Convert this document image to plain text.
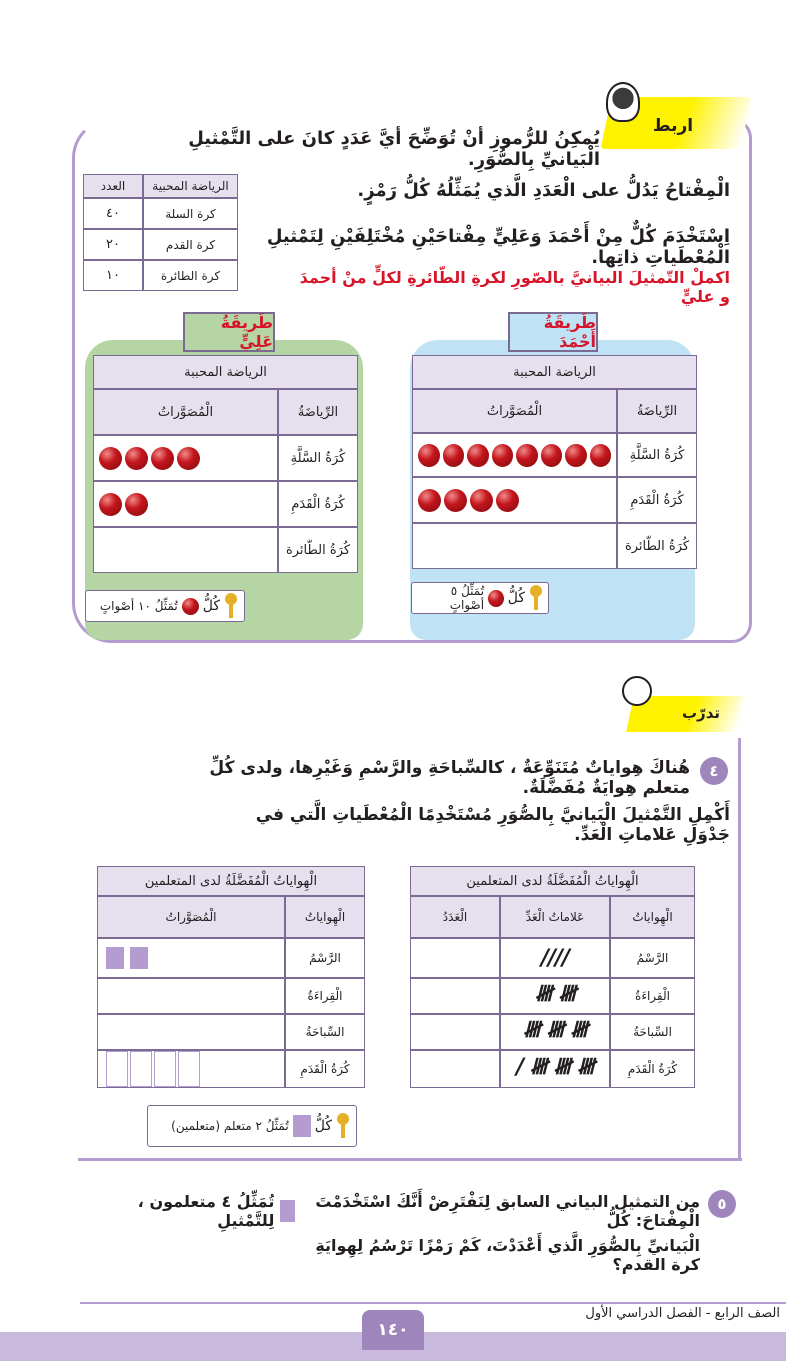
اربط
يُمكِنُ للرُّموزِ أنْ تُوَضِّحَ أيَّ عَدَدٍ كانَ على التَّمْثيلِ الْبَيانيِّ بِالصُّوَرِ.
الْمِفْتاحُ يَدُلُّ على الْعَدَدِ الَّذي يُمَثِّلُهُ كُلُّ رَمْزٍ.
اِسْتَخْدَمَ كُلٌّ مِنْ أَحْمَدَ وَعَلِيٍّ مِفْتاحَيْنِ مُخْتَلِفَيْنِ لِتَمْثيلِ الْمُعْطَياتِ ذاتِها.
اكملْ التّمثيلَ البيانيَّ بالصّورِ لكرةِ الطّائرةِ لكلٍّ منْ أحمدَ و عليٍّ
الرياضة المحبية
العدد
كرة السلة
٤٠
كرة القدم
٢٠
كرة الطائرة
١٠
طَريقَةُ أَحْمَدَ
الرياضة المحببة
الرِّياضَةُ
الْمُصَوَّراتُ
كُرَةُ السَّلَّةِ
كُرَةُ الْقَدَمِ
كُرَةُ الطّائرة
كُلُّ
تُمَثِّلُ ٥ أصْواتٍ
طَريقَةُ عَلِيٍّ
الرياضة المحببة
الرِّياضَةُ
الْمُصَوَّراتُ
كُرَةُ السَّلَّةِ
كُرَةُ الْقَدَمِ
كُرَةُ الطّائرة
كُلُّ
تُمَثِّلُ ١٠ أصْواتٍ
تدرّب
٤
هُناكَ هِواياتٌ مُتَنَوِّعَةٌ ، كالسِّباحَةِ والرَّسْمِ وَغَيْرِها، ولدى كُلِّ متعلم هِوايَةٌ مُفَضَّلَةٌ.
أَكْمِلِ التَّمْثيلَ الْبَيانيَّ بِالصُّوَرِ مُسْتَخْدِمًا الْمُعْطَياتِ الَّتي في جَدْوَلِ عَلاماتِ الْعَدِّ.
الْهِواياتُ الْمُفَضَّلَةُ لدى المتعلمين
الْهِواياتُ
عَلاماتُ الْعَدِّ
الْعَدَدُ
الرَّسْمُ
////
الْقِراءَةُ
𝍸 𝍸
السِّباحَةُ
𝍸 𝍸 𝍸
كُرَةُ الْقَدَمِ
𝍸 𝍸 𝍸 /
الْهِواياتُ الْمُفَضَّلَةُ لدى المتعلمين
الْهِواياتُ
الْمُصَوَّراتُ
الرَّسْمُ
الْقِراءَةُ
السِّباحَةُ
كُرَةُ الْقَدَمِ
كُلُّ
تُمَثِّلُ ٢ متعلم (متعلمين)
٥
من التمثيل البياني السابق لِنَفْتَرِضْ أَنَّكَ اسْتَخْدَمْتَ الْمِفْتاحَ: كُلُّ
تُمَثِّلُ ٤ متعلمون ، لِلتَّمْثيلِ
الْبَيانيِّ بِالصُّوَرِ الَّذي أَعْدَدْتَ، كَمْ رَمْزًا تَرْسُمُ لِهِوايَةِ كرة القدم؟
الصف الرابع - الفصل الدراسي الأول
١٤٠
